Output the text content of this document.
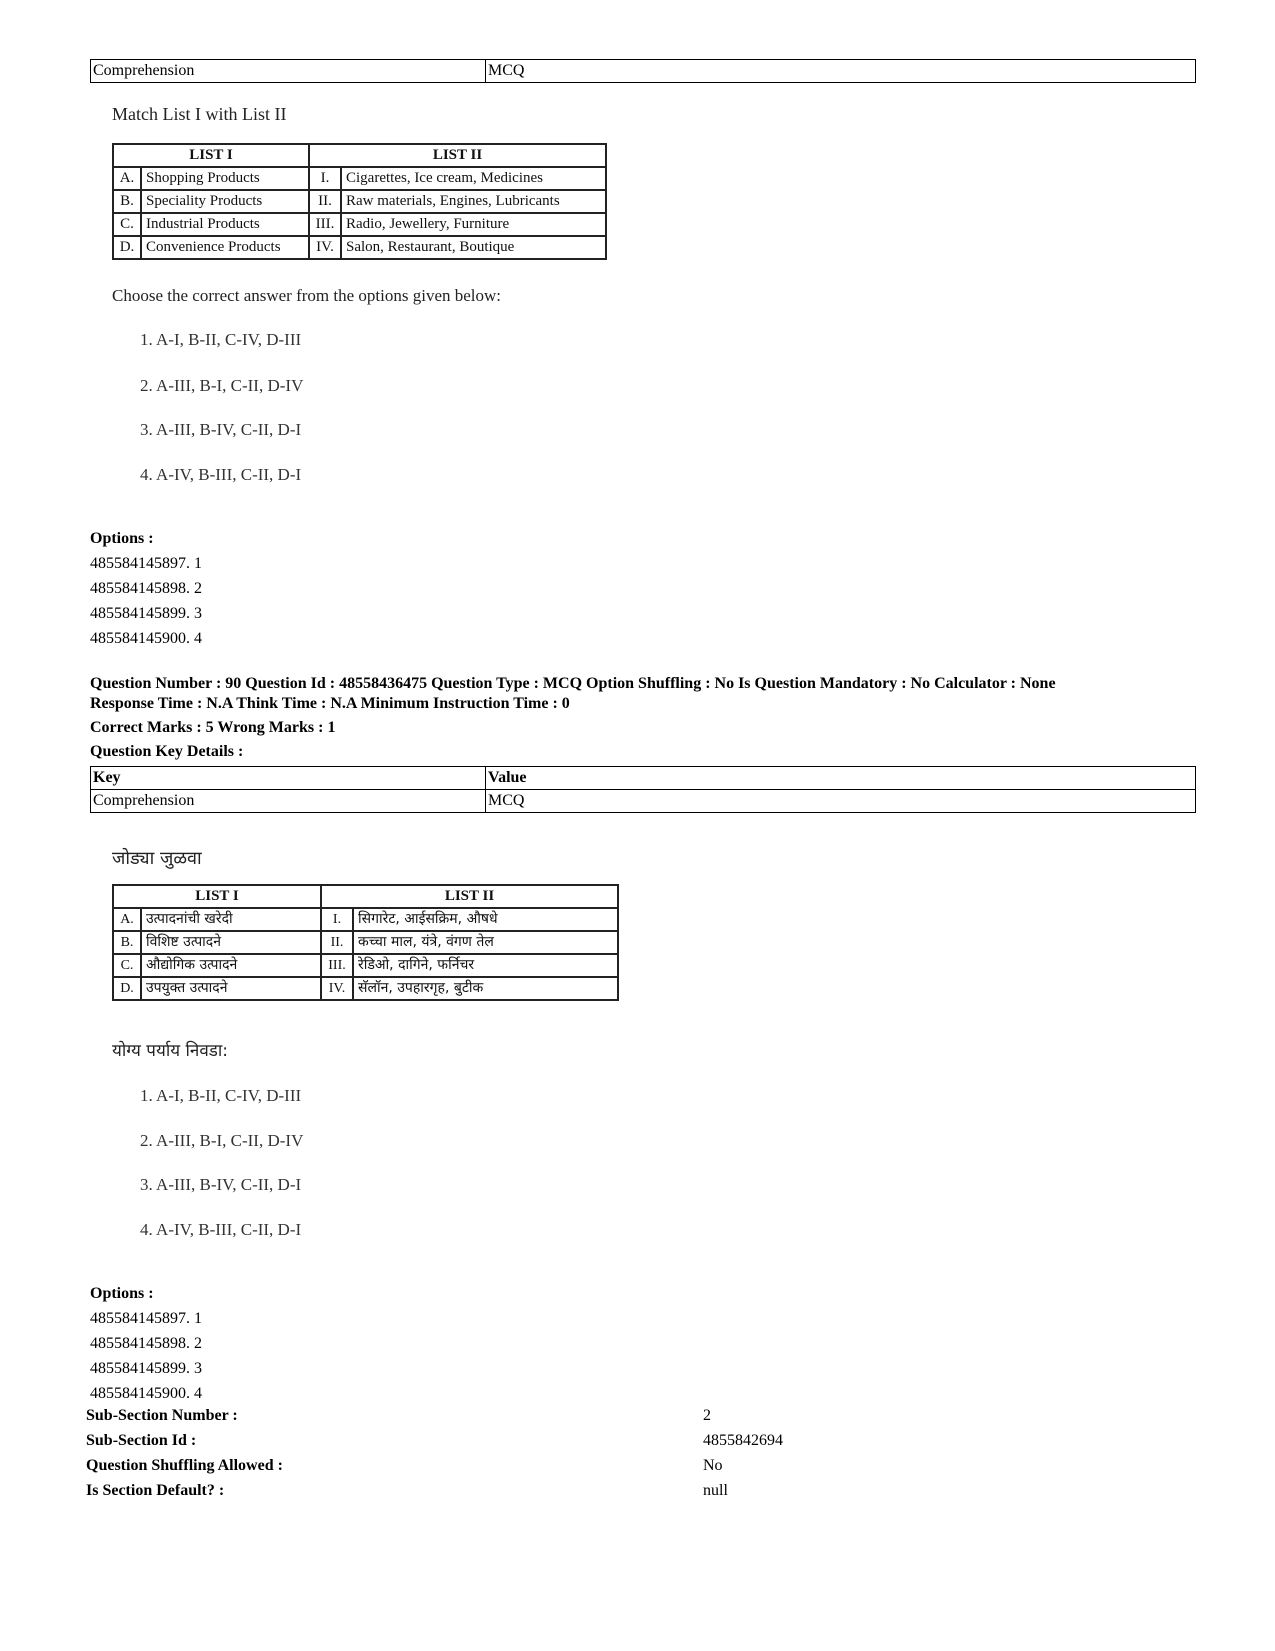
Comprehension	MCQ
Match List I with List II
LIST I		LIST II	
A.	Shopping Products	I.	Cigarettes, Ice cream, Medicines
B.	Speciality Products	II.	Raw materials, Engines, Lubricants
C.	Industrial Products	III.	Radio, Jewellery, Furniture
D.	Convenience Products	IV.	Salon, Restaurant, Boutique
Choose the correct answer from the options given below:
1. A-I, B-II, C-IV, D-III
2. A-III, B-I, C-II, D-IV
3. A-III, B-IV, C-II, D-I
4. A-IV, B-III, C-II, D-I
Options :
485584145897. 1
485584145898. 2
485584145899. 3
485584145900. 4
Question Number : 90 Question Id : 48558436475 Question Type : MCQ Option Shuffling : No Is Question Mandatory : No Calculator : None
Response Time : N.A Think Time : N.A Minimum Instruction Time : 0
Correct Marks : 5 Wrong Marks : 1
Question Key Details :
Key	Value
Comprehension	MCQ
जोड्या जुळवा
LIST I		LIST II	
A.	उत्पादनांची खरेदी	I.	सिगारेट, आईसक्रिम, औषधे
B.	विशिष्ट उत्पादने	II.	कच्चा माल, यंत्रे, वंगण तेल
C.	औद्योगिक उत्पादने	III.	रेडिओ, दागिने, फर्निचर
D.	उपयुक्त उत्पादने	IV.	सॅलॉन, उपहारगृह, बुटीक
योग्य पर्याय निवडा:
1. A-I, B-II, C-IV, D-III
2. A-III, B-I, C-II, D-IV
3. A-III, B-IV, C-II, D-I
4. A-IV, B-III, C-II, D-I
Options :
485584145897. 1
485584145898. 2
485584145899. 3
485584145900. 4
Sub-Section Number :	2
Sub-Section Id :	4855842694
Question Shuffling Allowed :	No
Is Section Default? :	null
